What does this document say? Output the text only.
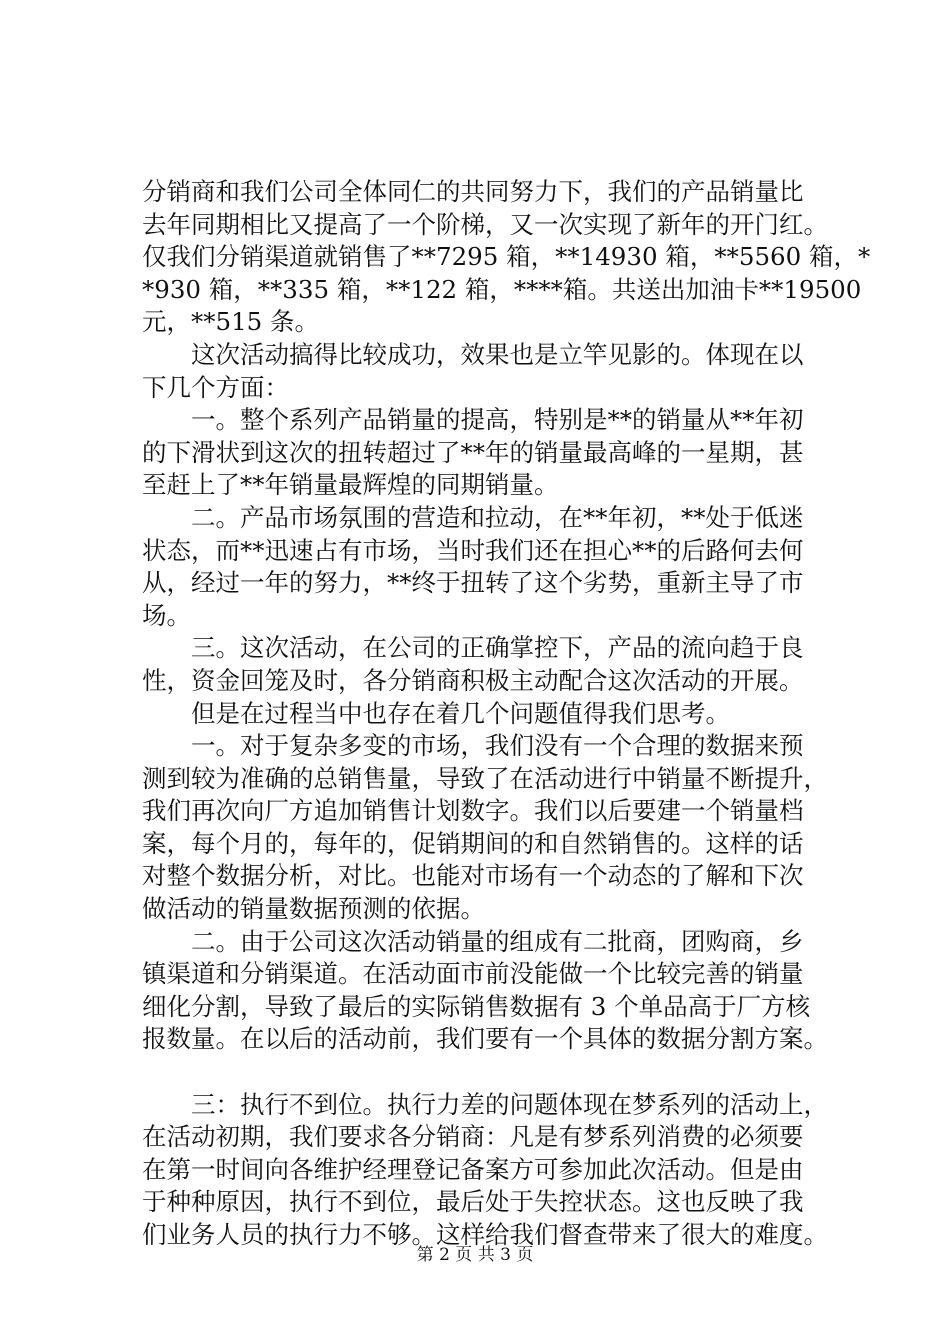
分销商和我们公司全体同仁的共同努力下，我们的产品销量比
去年同期相比又提高了一个阶梯，又一次实现了新年的开门红。
仅我们分销渠道就销售了**7295 箱，**14930 箱，**5560 箱，*
*930 箱，**335 箱，**122 箱，****箱。共送出加油卡**19500
元，**515 条。
　　这次活动搞得比较成功，效果也是立竿见影的。体现在以
下几个方面：
　　一。整个系列产品销量的提高，特别是**的销量从**年初
的下滑状到这次的扭转超过了**年的销量最高峰的一星期，甚
至赶上了**年销量最辉煌的同期销量。
　　二。产品市场氛围的营造和拉动，在**年初，**处于低迷
状态，而**迅速占有市场，当时我们还在担心**的后路何去何
从，经过一年的努力，**终于扭转了这个劣势，重新主导了市
场。
　　三。这次活动，在公司的正确掌控下，产品的流向趋于良
性，资金回笼及时，各分销商积极主动配合这次活动的开展。
　　但是在过程当中也存在着几个问题值得我们思考。
　　一。对于复杂多变的市场，我们没有一个合理的数据来预
测到较为准确的总销售量，导致了在活动进行中销量不断提升，
我们再次向厂方追加销售计划数字。我们以后要建一个销量档
案，每个月的，每年的，促销期间的和自然销售的。这样的话
对整个数据分析，对比。也能对市场有一个动态的了解和下次
做活动的销量数据预测的依据。
　　二。由于公司这次活动销量的组成有二批商，团购商，乡
镇渠道和分销渠道。在活动面市前没能做一个比较完善的销量
细化分割，导致了最后的实际销售数据有 3 个单品高于厂方核
报数量。在以后的活动前，我们要有一个具体的数据分割方案。
　　三：执行不到位。执行力差的问题体现在梦系列的活动上，
在活动初期，我们要求各分销商：凡是有梦系列消费的必须要
在第一时间向各维护经理登记备案方可参加此次活动。但是由
于种种原因，执行不到位，最后处于失控状态。这也反映了我
们业务人员的执行力不够。这样给我们督查带来了很大的难度。
第 2 页 共 3 页
